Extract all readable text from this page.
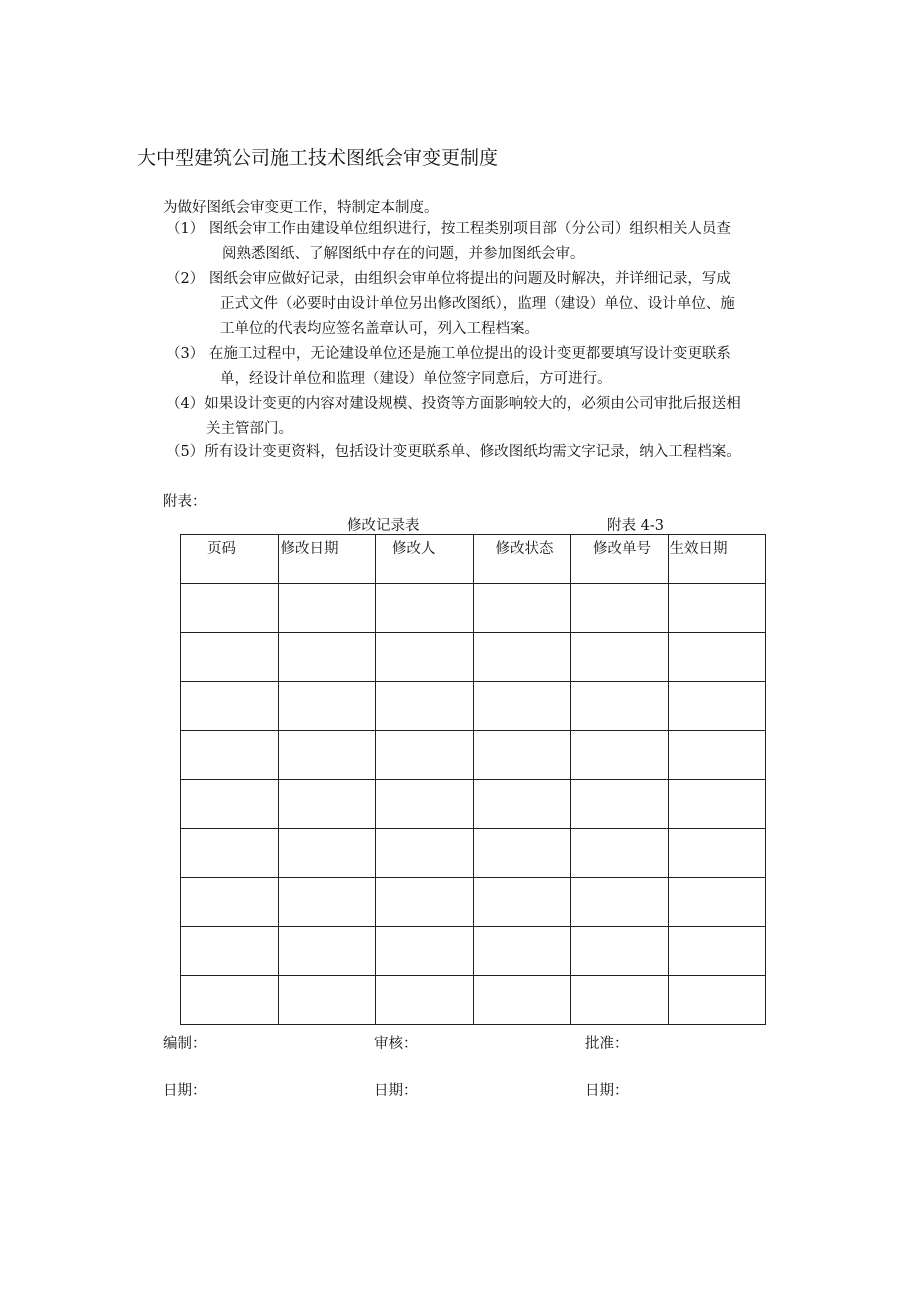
大中型建筑公司施工技术图纸会审变更制度
为做好图纸会审变更工作，特制定本制度。
（1） 图纸会审工作由建设单位组织进行，按工程类别项目部（分公司）组织相关人员查
阅熟悉图纸、了解图纸中存在的问题，并参加图纸会审。
（2） 图纸会审应做好记录，由组织会审单位将提出的问题及时解决，并详细记录，写成
正式文件（必要时由设计单位另出修改图纸），监理（建设）单位、设计单位、施
工单位的代表均应签名盖章认可，列入工程档案。
（3） 在施工过程中，无论建设单位还是施工单位提出的设计变更都要填写设计变更联系
单，经设计单位和监理（建设）单位签字同意后，方可进行。
（4）如果设计变更的内容对建设规模、投资等方面影响较大的，必须由公司审批后报送相
关主管部门。
（5）所有设计变更资料，包括设计变更联系单、修改图纸均需文字记录，纳入工程档案。
附表：
修改记录表	附表 4-3
页码	修改日期	修改人	修改状态	修改单号	生效日期

编制：	审核：	批准：
日期：	日期：	日期：
